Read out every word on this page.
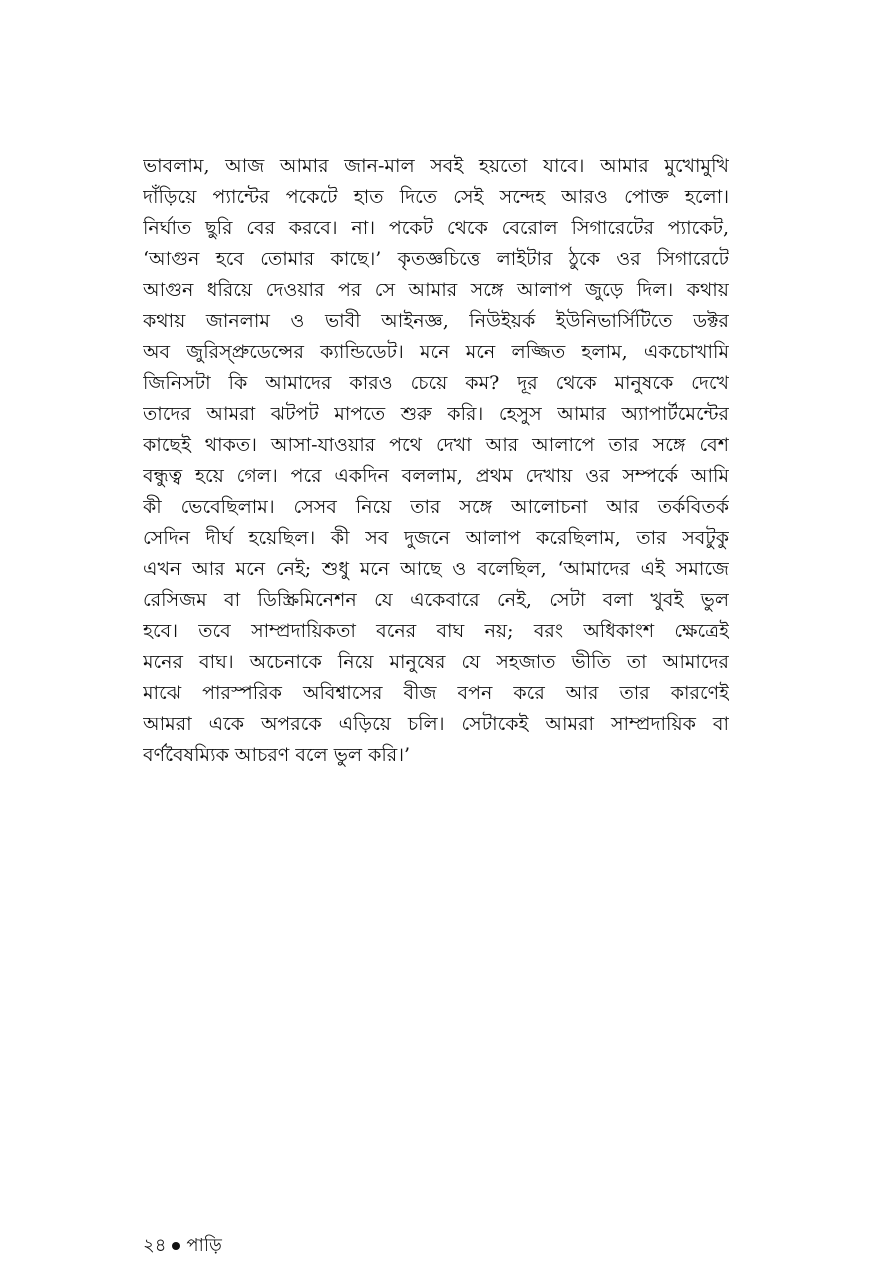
ভাবলাম, আজ আমার জান-মাল সবই হয়তো যাবে। আমার মুখোমুখি
দাঁড়িয়ে প্যান্টের পকেটে হাত দিতে সেই সন্দেহ আরও পোক্ত হলো।
নির্ঘাত ছুরি বের করবে। না। পকেট থেকে বেরোল সিগারেটের প্যাকেট,
‘আগুন হবে তোমার কাছে।’ কৃতজ্ঞচিত্তে লাইটার ঠুকে ওর সিগারেটে
আগুন ধরিয়ে দেওয়ার পর সে আমার সঙ্গে আলাপ জুড়ে দিল। কথায়
কথায় জানলাম ও ভাবী আইনজ্ঞ, নিউইয়র্ক ইউনিভার্সিটিতে ডক্টর
অব জুরিস্প্রুডেন্সের ক্যান্ডিডেট। মনে মনে লজ্জিত হলাম, একচোখামি
জিনিসটা কি আমাদের কারও চেয়ে কম? দূর থেকে মানুষকে দেখে
তাদের আমরা ঝটপট মাপতে শুরু করি। হেসুস আমার অ্যাপার্টমেন্টের
কাছেই থাকত। আসা-যাওয়ার পথে দেখা আর আলাপে তার সঙ্গে বেশ
বন্ধুত্ব হয়ে গেল। পরে একদিন বললাম, প্রথম দেখায় ওর সম্পর্কে আমি
কী ভেবেছিলাম। সেসব নিয়ে তার সঙ্গে আলোচনা আর তর্কবিতর্ক
সেদিন দীর্ঘ হয়েছিল। কী সব দুজনে আলাপ করেছিলাম, তার সবটুকু
এখন আর মনে নেই; শুধু মনে আছে ও বলেছিল, ‘আমাদের এই সমাজে
রেসিজম বা ডিস্ক্রিমিনেশন যে একেবারে নেই, সেটা বলা খুবই ভুল
হবে। তবে সাম্প্রদায়িকতা বনের বাঘ নয়; বরং অধিকাংশ ক্ষেত্রেই
মনের বাঘ। অচেনাকে নিয়ে মানুষের যে সহজাত ভীতি তা আমাদের
মাঝে পারস্পরিক অবিশ্বাসের বীজ বপন করে আর তার কারণেই
আমরা একে অপরকে এড়িয়ে চলি। সেটাকেই আমরা সাম্প্রদায়িক বা
বর্ণবৈষম্যিক আচরণ বলে ভুল করি।’
২৪ পাড়ি
